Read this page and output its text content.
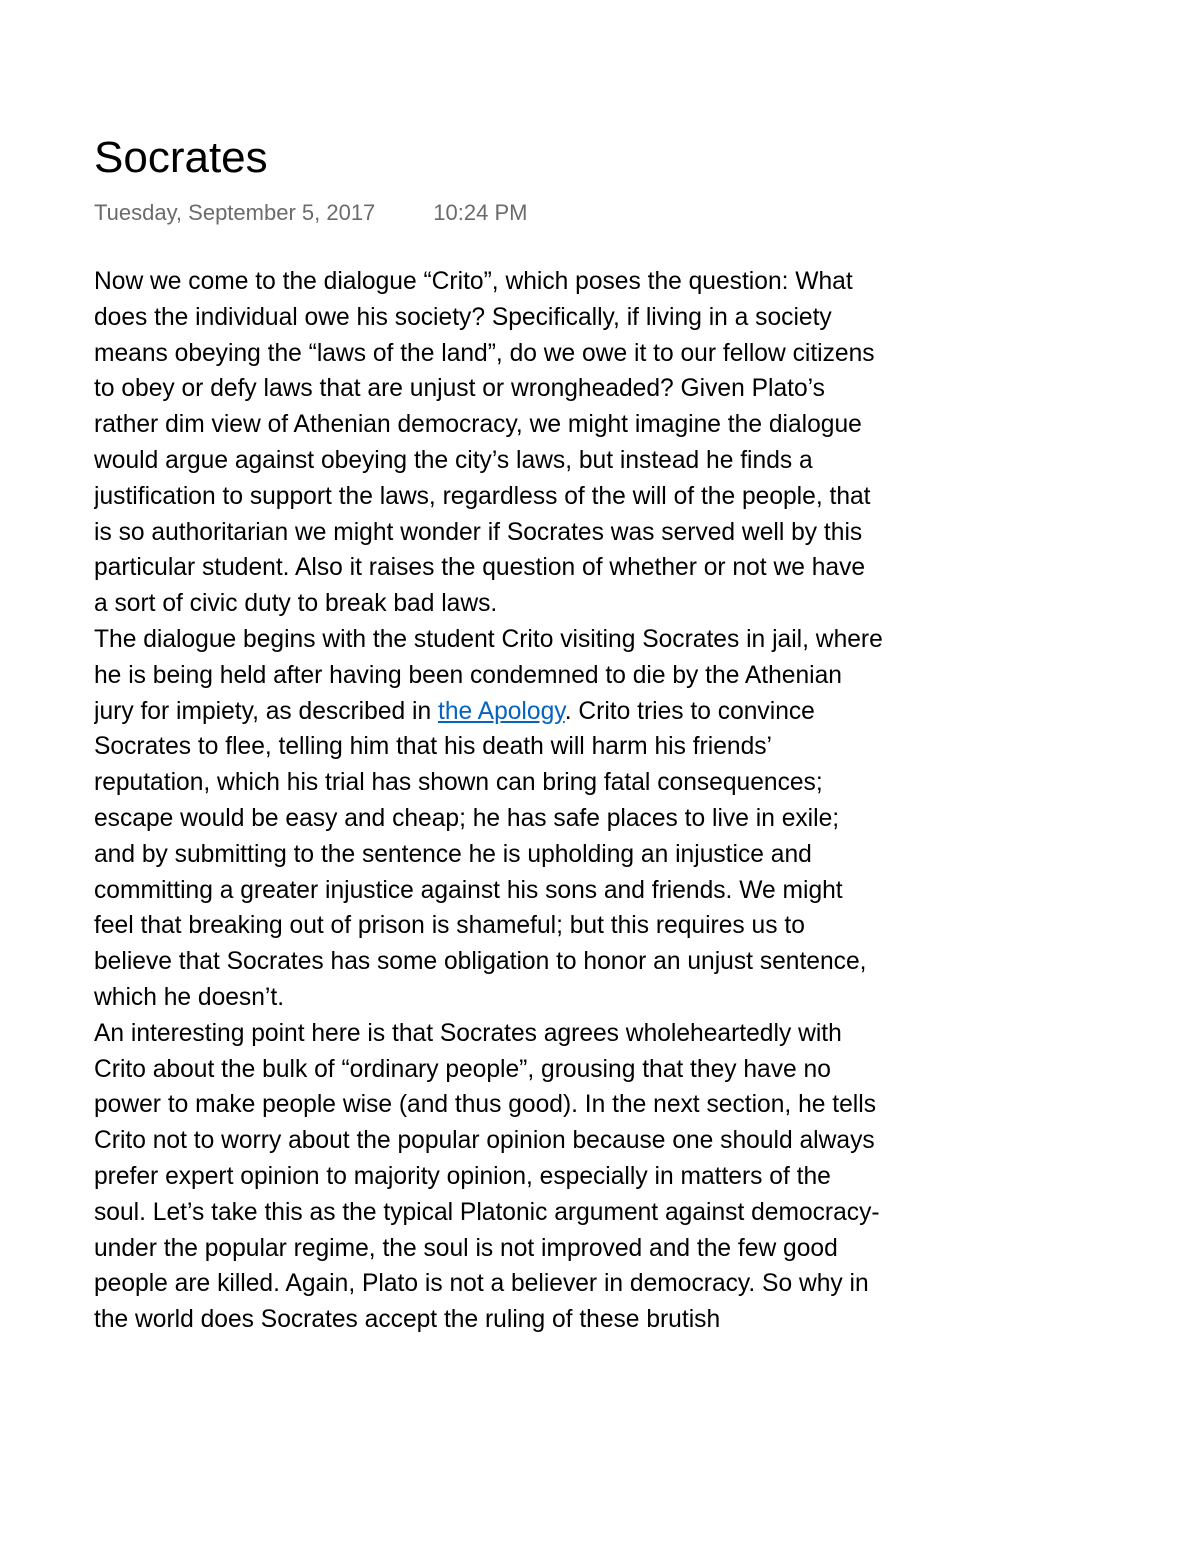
Socrates
Tuesday, September 5, 2017	10:24 PM

Now we come to the dialogue “Crito”, which poses the question: What does the individual owe his society? Specifically, if living in a society means obeying the “laws of the land”, do we owe it to our fellow citizens to obey or defy laws that are unjust or wrongheaded? Given Plato’s rather dim view of Athenian democracy, we might imagine the dialogue would argue against obeying the city’s laws, but instead he finds a justification to support the laws, regardless of the will of the people, that is so authoritarian we might wonder if Socrates was served well by this particular student. Also it raises the question of whether or not we have a sort of civic duty to break bad laws.

The dialogue begins with the student Crito visiting Socrates in jail, where he is being held after having been condemned to die by the Athenian jury for impiety, as described in the Apology. Crito tries to convince Socrates to flee, telling him that his death will harm his friends’ reputation, which his trial has shown can bring fatal consequences; escape would be easy and cheap; he has safe places to live in exile; and by submitting to the sentence he is upholding an injustice and committing a greater injustice against his sons and friends. We might feel that breaking out of prison is shameful; but this requires us to believe that Socrates has some obligation to honor an unjust sentence, which he doesn’t.

An interesting point here is that Socrates agrees wholeheartedly with Crito about the bulk of “ordinary people”, grousing that they have no power to make people wise (and thus good). In the next section, he tells Crito not to worry about the popular opinion because one should always prefer expert opinion to majority opinion, especially in matters of the soul. Let’s take this as the typical Platonic argument against democracy- under the popular regime, the soul is not improved and the few good people are killed. Again, Plato is not a believer in democracy. So why in the world does Socrates accept the ruling of these brutish
